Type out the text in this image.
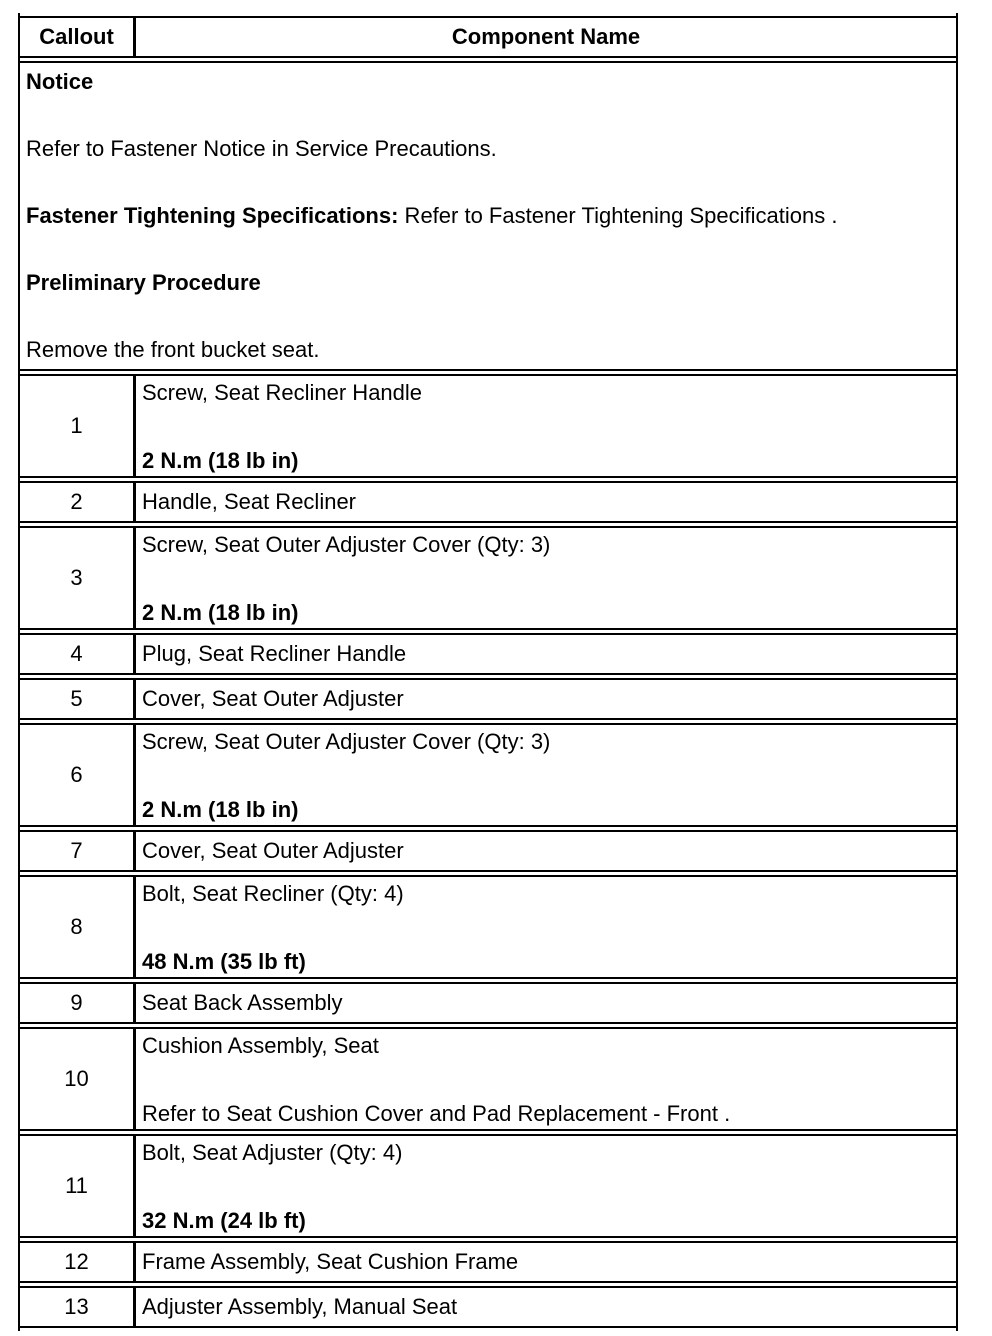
Callout	Component Name

Notice

Refer to Fastener Notice in Service Precautions.

Fastener Tightening Specifications: Refer to Fastener Tightening Specifications .

Preliminary Procedure

Remove the front bucket seat.	

1	Screw, Seat Recliner Handle
2 N.m (18 lb in)

2	Handle, Seat Recliner
3	Screw, Seat Outer Adjuster Cover (Qty: 3)
2 N.m (18 lb in)

4	Plug, Seat Recliner Handle
5	Cover, Seat Outer Adjuster
6	Screw, Seat Outer Adjuster Cover (Qty: 3)
2 N.m (18 lb in)

7	Cover, Seat Outer Adjuster
8	Bolt, Seat Recliner (Qty: 4)
48 N.m (35 lb ft)

9	Seat Back Assembly
10	Cushion Assembly, Seat
Refer to Seat Cushion Cover and Pad Replacement - Front .

11	Bolt, Seat Adjuster (Qty: 4)
32 N.m (24 lb ft)

12	Frame Assembly, Seat Cushion Frame
13	Adjuster Assembly, Manual Seat
